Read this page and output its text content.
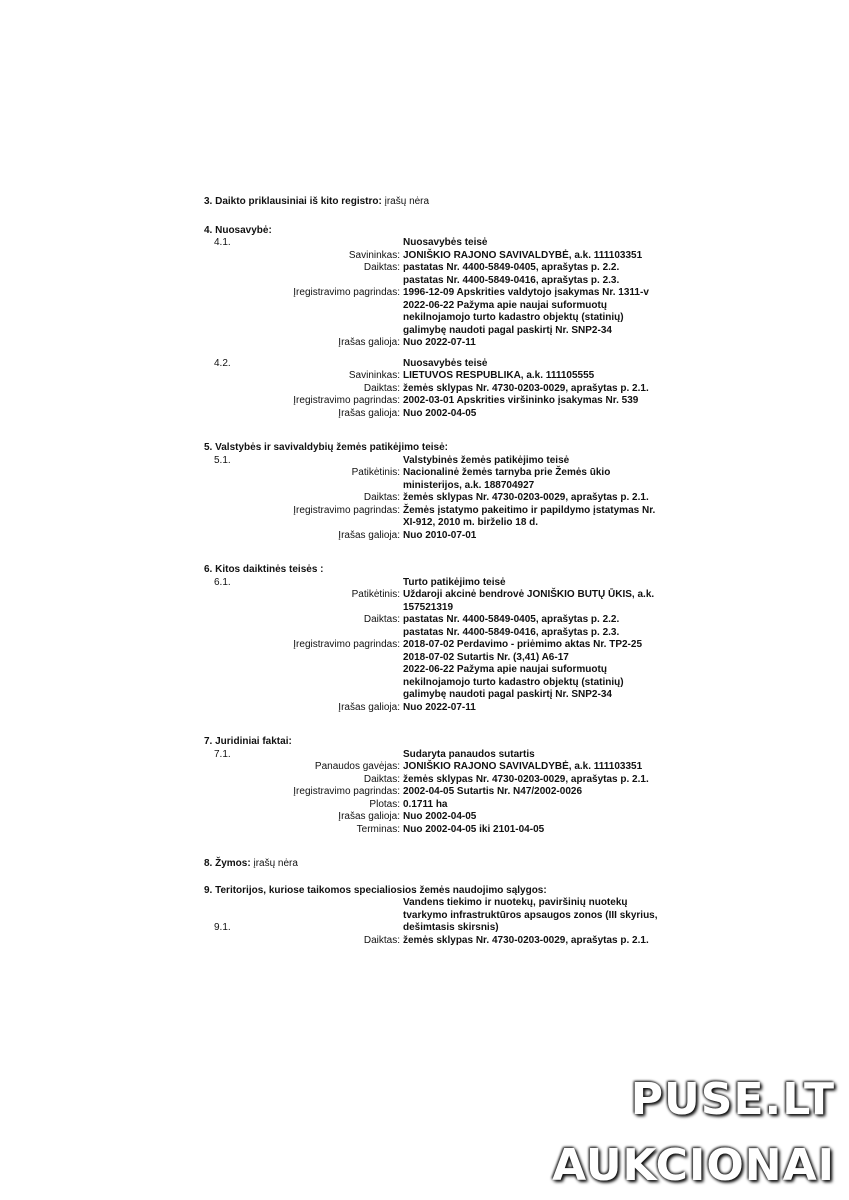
3. Daikto priklausiniai iš kito registro: įrašų nėra
4. Nuosavybė:
4.1.	Nuosavybės teisė
Savininkas: JONIŠKIO RAJONO SAVIVALDYBĖ, a.k. 111103351
Daiktas: pastatas Nr. 4400-5849-0405, aprašytas p. 2.2.
pastatas Nr. 4400-5849-0416, aprašytas p. 2.3.
Įregistravimo pagrindas: 1996-12-09 Apskrities valdytojo įsakymas Nr. 1311-v
2022-06-22 Pažyma apie naujai suformuotų
nekilnojamojo turto kadastro objektų (statinių)
galimybę naudoti pagal paskirtį Nr. SNP2-34
Įrašas galioja: Nuo 2022-07-11
4.2.	Nuosavybės teisė
Savininkas: LIETUVOS RESPUBLIKA, a.k. 111105555
Daiktas: žemės sklypas Nr. 4730-0203-0029, aprašytas p. 2.1.
Įregistravimo pagrindas: 2002-03-01 Apskrities viršininko įsakymas Nr. 539
Įrašas galioja: Nuo 2002-04-05
5. Valstybės ir savivaldybių žemės patikėjimo teisė:
5.1.	Valstybinės žemės patikėjimo teisė
Patikėtinis: Nacionalinė žemės tarnyba prie Žemės ūkio
ministerijos, a.k. 188704927
Daiktas: žemės sklypas Nr. 4730-0203-0029, aprašytas p. 2.1.
Įregistravimo pagrindas: Žemės įstatymo pakeitimo ir papildymo įstatymas Nr.
XI-912, 2010 m. birželio 18 d.
Įrašas galioja: Nuo 2010-07-01
6. Kitos daiktinės teisės :
6.1.	Turto patikėjimo teisė
Patikėtinis: Uždaroji akcinė bendrovė JONIŠKIO BUTŲ ŪKIS, a.k.
157521319
Daiktas: pastatas Nr. 4400-5849-0405, aprašytas p. 2.2.
pastatas Nr. 4400-5849-0416, aprašytas p. 2.3.
Įregistravimo pagrindas: 2018-07-02 Perdavimo - priėmimo aktas Nr. TP2-25
2018-07-02 Sutartis Nr. (3,41) A6-17
2022-06-22 Pažyma apie naujai suformuotų
nekilnojamojo turto kadastro objektų (statinių)
galimybę naudoti pagal paskirtį Nr. SNP2-34
Įrašas galioja: Nuo 2022-07-11
7. Juridiniai faktai:
7.1.	Sudaryta panaudos sutartis
Panaudos gavėjas: JONIŠKIO RAJONO SAVIVALDYBĖ, a.k. 111103351
Daiktas: žemės sklypas Nr. 4730-0203-0029, aprašytas p. 2.1.
Įregistravimo pagrindas: 2002-04-05 Sutartis Nr. N47/2002-0026
Plotas: 0.1711 ha
Įrašas galioja: Nuo 2002-04-05
Terminas: Nuo 2002-04-05 iki 2101-04-05
8. Žymos: įrašų nėra
9. Teritorijos, kuriose taikomos specialiosios žemės naudojimo sąlygos:
9.1.
Vandens tiekimo ir nuotekų, paviršinių nuotekų
tvarkymo infrastruktūros apsaugos zonos (III skyrius,
dešimtasis skirsnis)
Daiktas: žemės sklypas Nr. 4730-0203-0029, aprašytas p. 2.1.
PUSE.LT
AUKCIONAI
